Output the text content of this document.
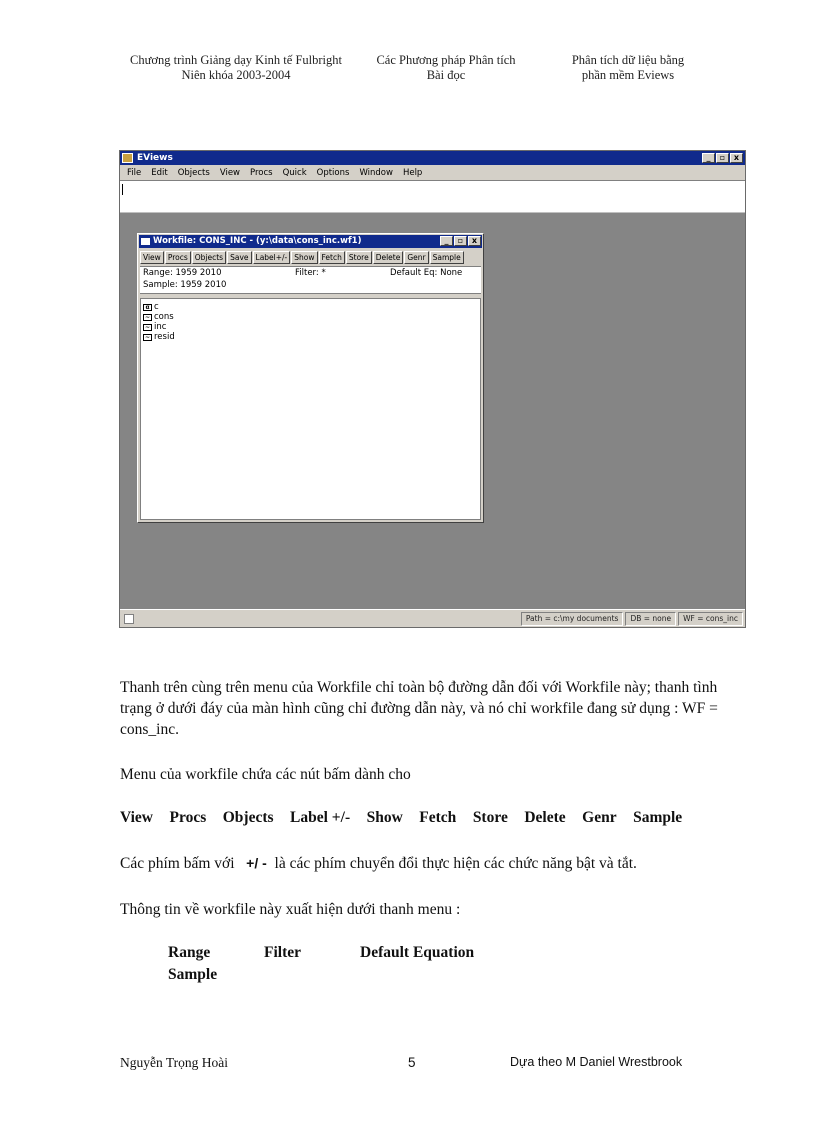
Chương trình Giảng dạy Kinh tế Fulbright
Niên khóa 2003-2004
Các Phương pháp Phân tích
Bài đọc
Phân tích dữ liệu bằng
phần mềm Eviews
EViews	_	▫	x
File	Edit	Objects	View	Procs	Quick	Options	Window	Help
Workfile: CONS_INC - (y:\data\cons_inc.wf1)	_	▫	x
View Procs Objects Save Label+/- Show Fetch Store Delete Genr Sample
Range: 1959 2010	Filter: *	Default Eq: None
Sample: 1959 2010
α c
~ cons
~ inc
~ resid
Path = c:\my documents	DB = none	WF = cons_inc
Thanh trên cùng trên menu của Workfile chỉ toàn bộ đường dẫn đối với Workfile này; thanh tình trạng ở dưới đáy của màn hình cũng chỉ đường dẫn này, và nó chỉ workfile đang sử dụng : WF = cons_inc.
Menu của workfile chứa các nút bấm dành cho
View Procs Objects Label +/- Show Fetch Store Delete Genr Sample
Các phím bấm với +/ - là các phím chuyển đổi thực hiện các chức năng bật và tắt.
Thông tin về workfile này xuất hiện dưới thanh menu :
Range	Filter	Default Equation
Sample
Nguyễn Trọng Hoài	5	Dựa theo M Daniel Wrestbrook
